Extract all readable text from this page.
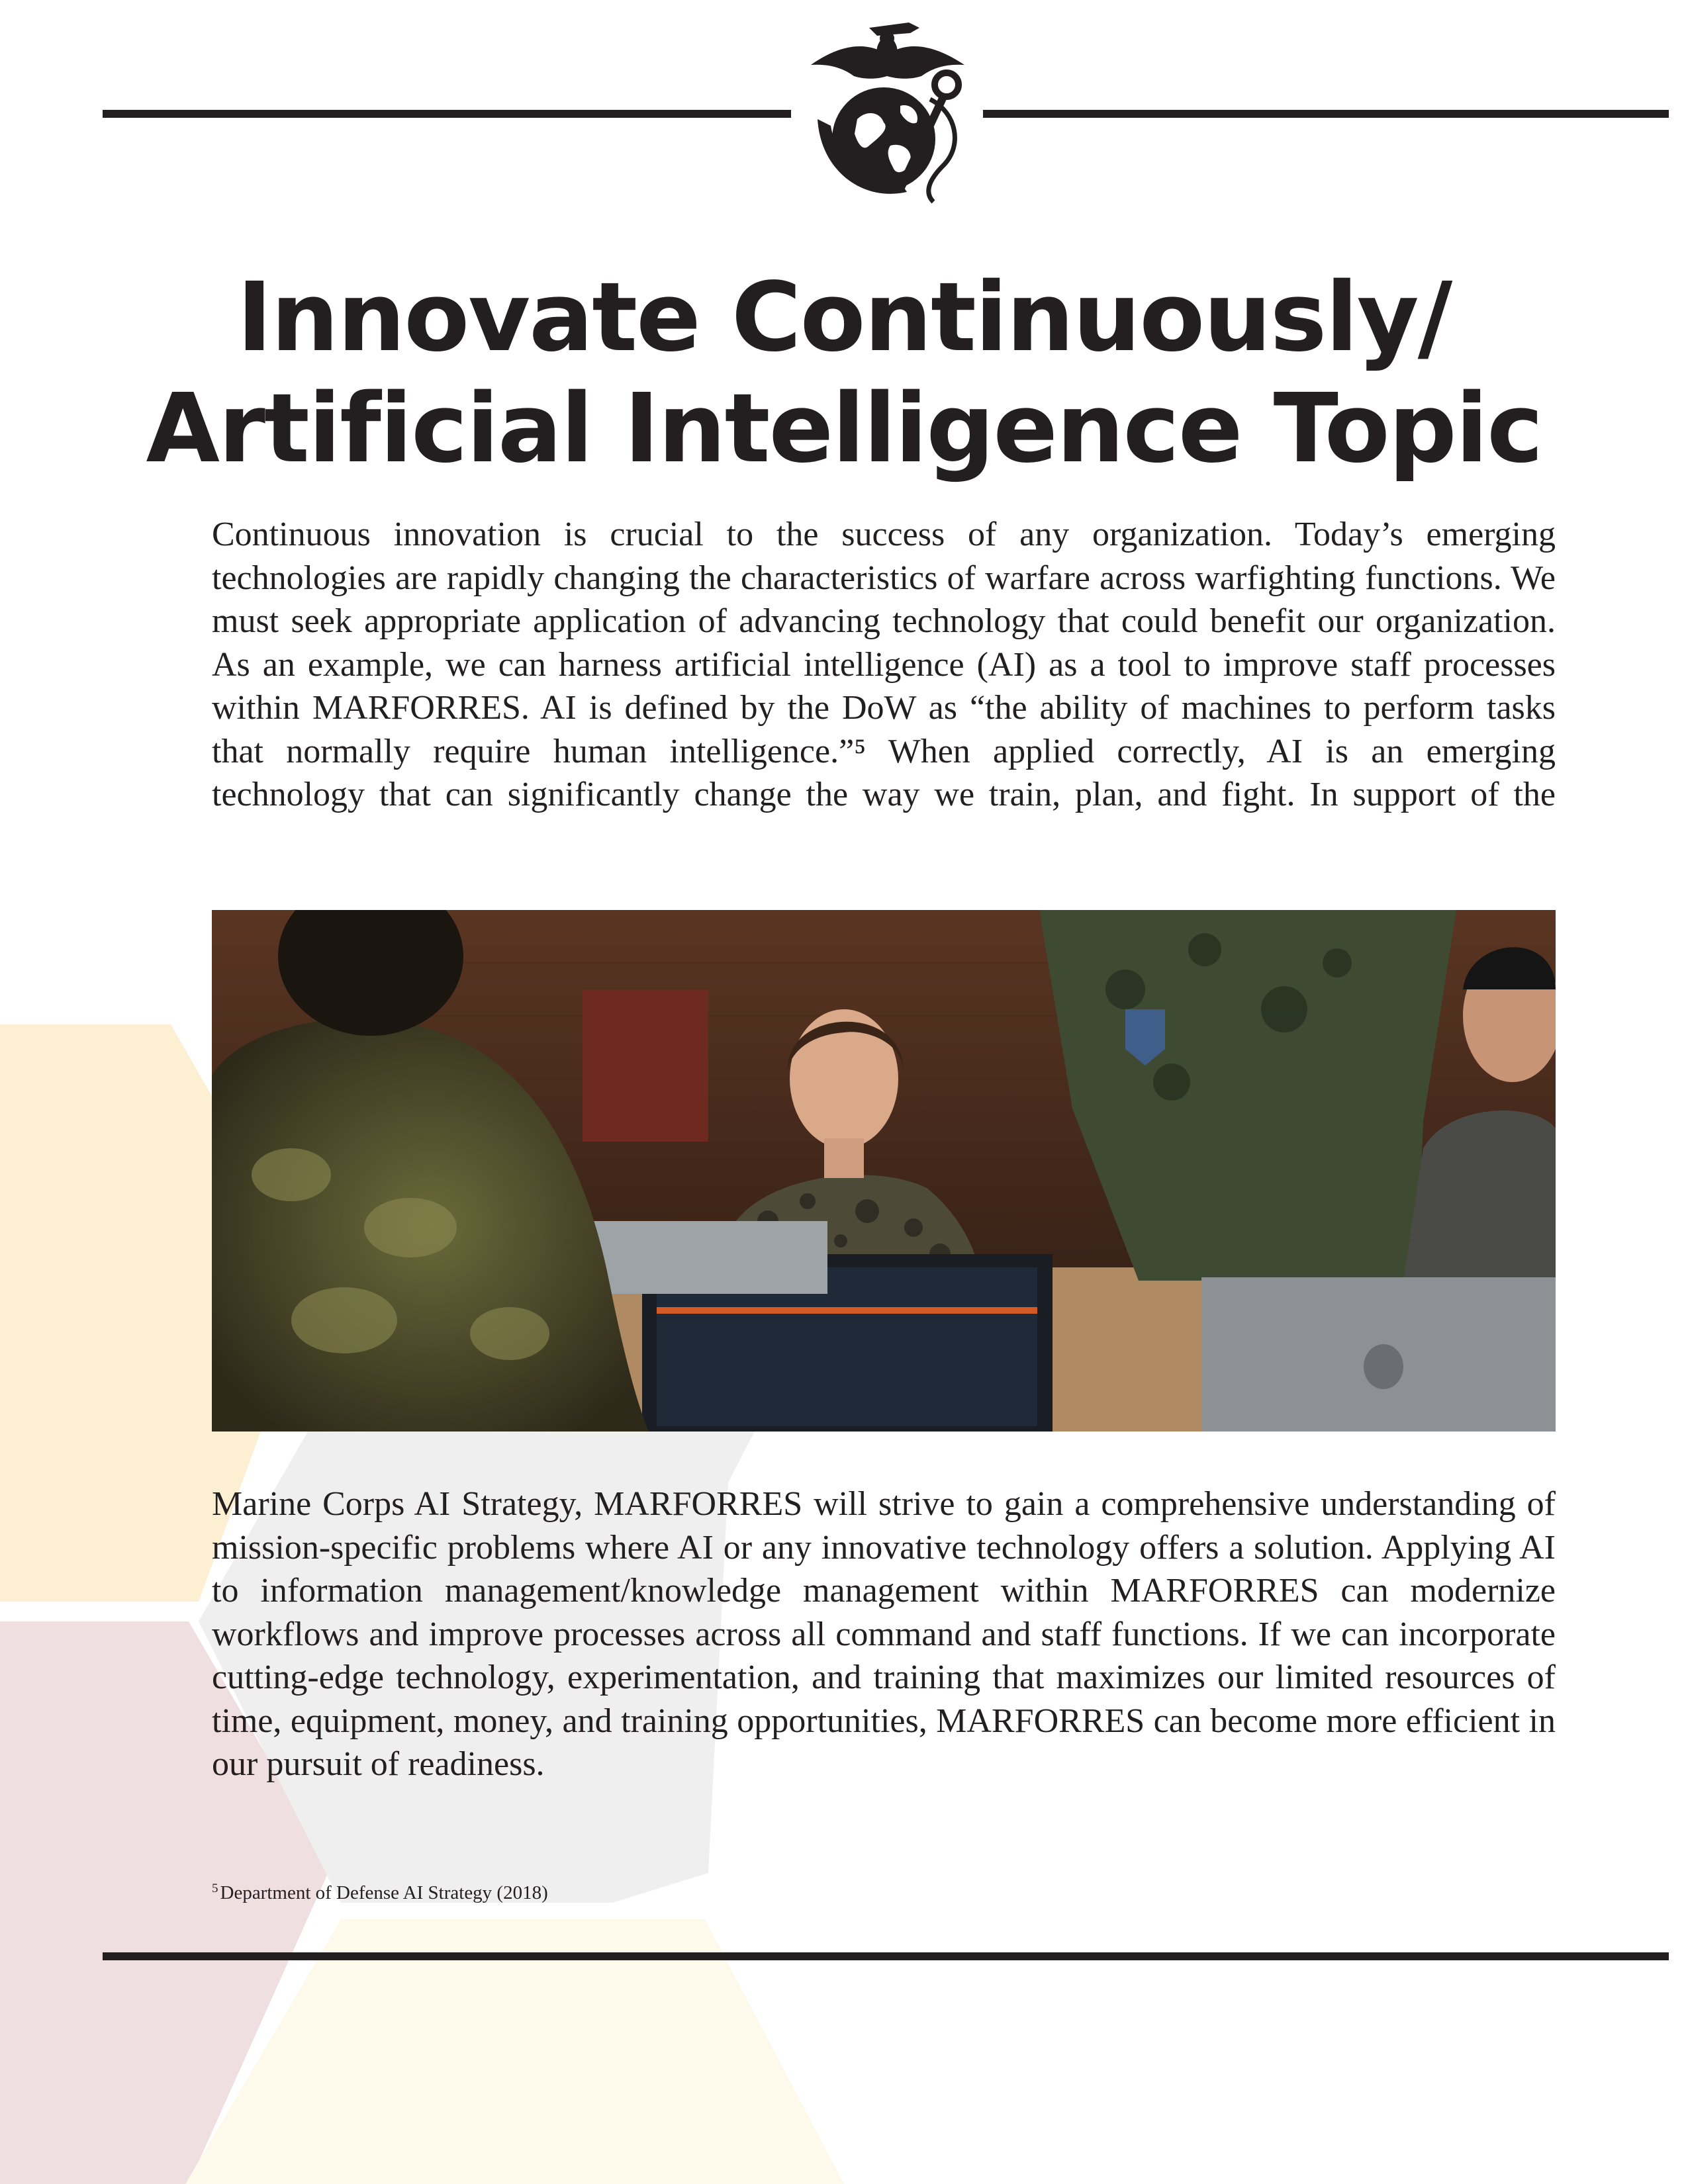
Innovate Continuously/
Artificial Intelligence Topic

Continuous innovation is crucial to the success of any organization. Today’s emerging technologies are rapidly changing the characteristics of warfare across warfighting functions. We must seek appropriate application of advancing technology that could benefit our organization. As an example, we can harness artificial intelligence (AI) as a tool to improve staff processes within MARFORRES. AI is defined by the DoW as “the ability of machines to perform tasks that normally require human intelligence.”⁵ When applied correctly, AI is an emerging technology that can significantly change the way we train, plan, and fight. In support of the

Marine Corps AI Strategy, MARFORRES will strive to gain a comprehensive understanding of mission-specific problems where AI or any innovative technology offers a solution. Applying AI to information management/knowledge management within MARFORRES can modernize workflows and improve processes across all command and staff functions. If we can incorporate cutting-edge technology, experimentation, and training that maximizes our limited resources of time, equipment, money, and training opportunities, MARFORRES can become more efficient in our pursuit of readiness.

$^5$ Department of Defense AI Strategy (2018)
